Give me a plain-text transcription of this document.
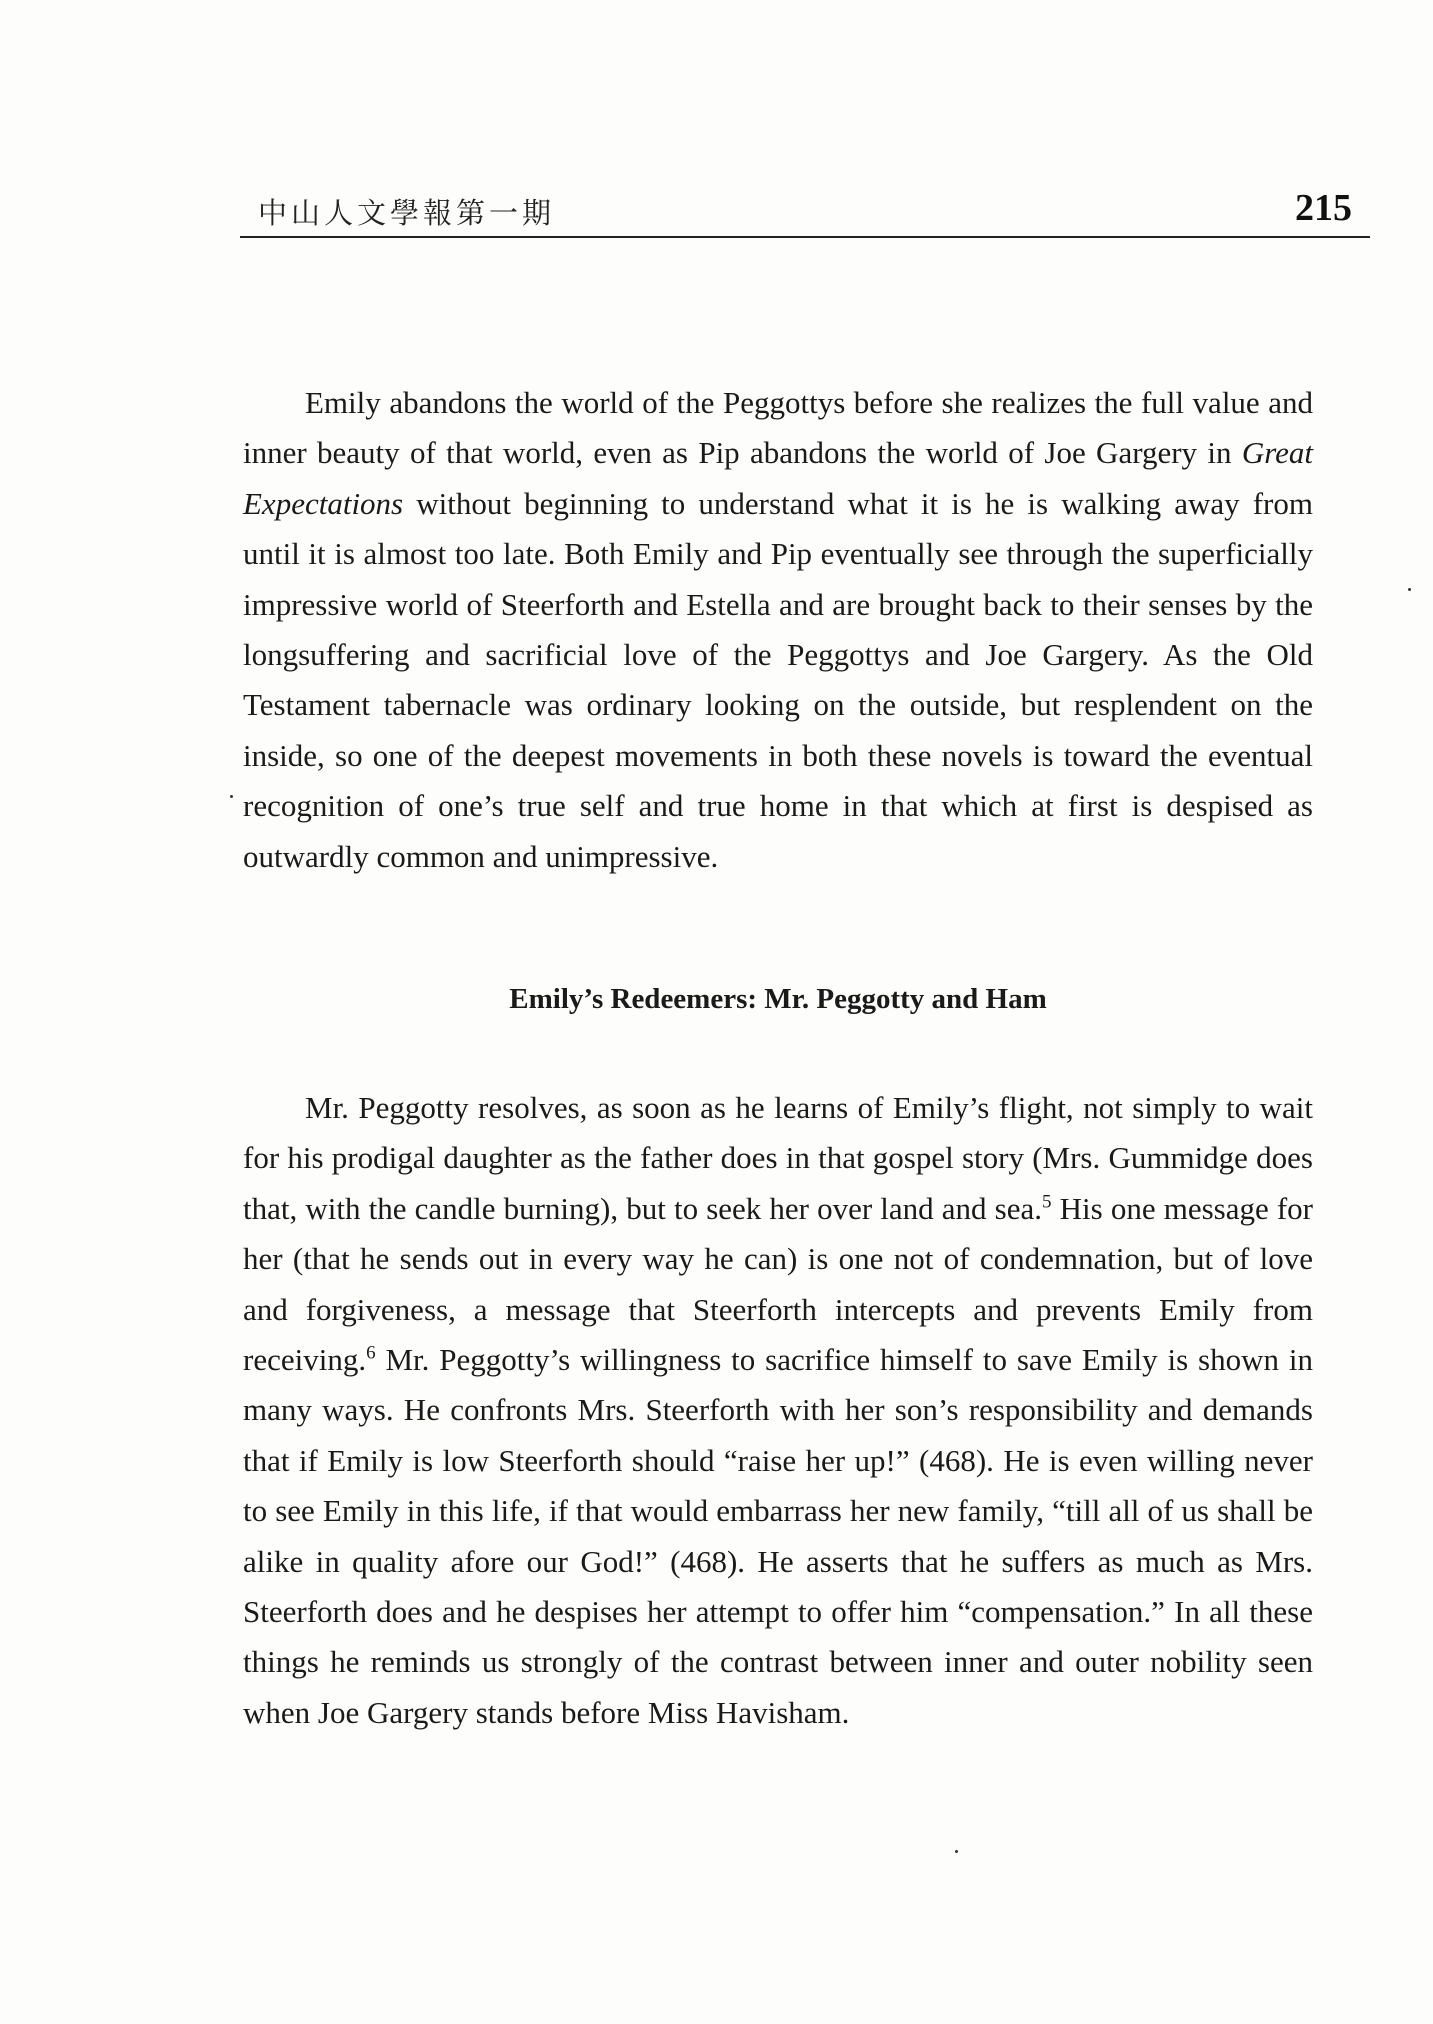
中山人文學報第一期	215

Emily abandons the world of the Peggottys before she realizes the full value and inner beauty of that world, even as Pip abandons the world of Joe Gargery in Great Expectations without beginning to understand what it is he is walking away from until it is almost too late. Both Emily and Pip eventually see through the superficially impressive world of Steerforth and Estella and are brought back to their senses by the longsuffering and sacrificial love of the Peggottys and Joe Gargery. As the Old Testament tabernacle was ordinary looking on the outside, but resplendent on the inside, so one of the deepest movements in both these novels is toward the eventual recognition of one’s true self and true home in that which at first is despised as outwardly common and unimpressive.

Emily’s Redeemers: Mr. Peggotty and Ham

Mr. Peggotty resolves, as soon as he learns of Emily’s flight, not simply to wait for his prodigal daughter as the father does in that gospel story (Mrs. Gummidge does that, with the candle burning), but to seek her over land and sea.$^5$ His one message for her (that he sends out in every way he can) is one not of condemnation, but of love and forgiveness, a message that Steerforth intercepts and prevents Emily from receiving.$^6$ Mr. Peggotty’s willingness to sacrifice himself to save Emily is shown in many ways. He confronts Mrs. Steerforth with her son’s responsibility and demands that if Emily is low Steerforth should “raise her up!” (468). He is even willing never to see Emily in this life, if that would embarrass her new family, “till all of us shall be alike in quality afore our God!” (468). He asserts that he suffers as much as Mrs. Steerforth does and he despises her attempt to offer him “compensation.” In all these things he reminds us strongly of the contrast between inner and outer nobility seen when Joe Gargery stands before Miss Havisham.
